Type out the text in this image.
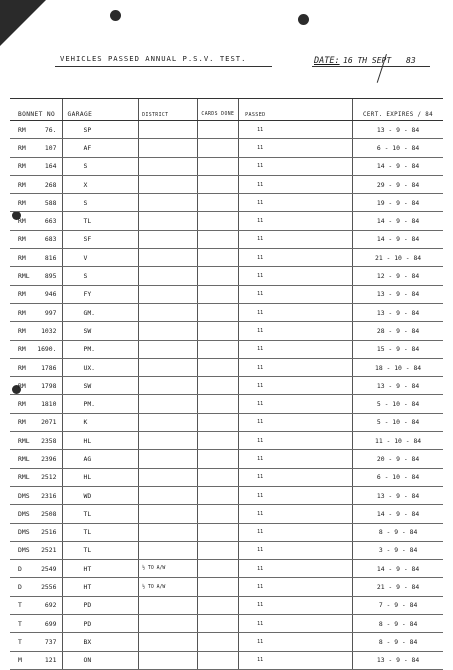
VEHICLES PASSED ANNUAL P.S.V. TEST.	DATE: 16 TH SEPT 83
BONNET NO		GARAGE	DISTRICT	CARDS DONE	PASSED	CERT. EXPIRES / 84
RM	76.	SP			11	13 - 9 - 84
RM	107	AF			11	6 - 10 - 84
RM	164	S			11	14 - 9 - 84
RM	268	X			11	29 - 9 - 84
RM	588	S			11	19 - 9 - 84
RM	663	TL			11	14 - 9 - 84
RM	683	SF			11	14 - 9 - 84
RM	816	V			11	21 - 10 - 84
RML	895	S			11	12 - 9 - 84
RM	946	FY			11	13 - 9 - 84
RM	997	GM.			11	13 - 9 - 84
RM	1032	SW			11	28 - 9 - 84
RM	1690.	PM.			11	15 - 9 - 84
RM	1786	UX.			11	18 - 10 - 84
RM	1798	SW			11	13 - 9 - 84
RM	1810	PM.			11	5 - 10 - 84
RM	2071	K			11	5 - 10 - 84
RML	2358	HL			11	11 - 10 - 84
RML	2396	AG			11	20 - 9 - 84
RML	2512	HL			11	6 - 10 - 84
DMS	2316	WD			11	13 - 9 - 84
DMS	2508	TL			11	14 - 9 - 84
DMS	2516	TL			11	8 - 9 - 84
DMS	2521	TL			11	3 - 9 - 84
D	2549	HT	½ TO A/W		11	14 - 9 - 84
D	2556	HT	½ TO A/W		11	21 - 9 - 84
T	692	PD			11	7 - 9 - 84
T	699	PD			11	8 - 9 - 84
T	737	BX			11	8 - 9 - 84
M	121	ON			11	13 - 9 - 84
